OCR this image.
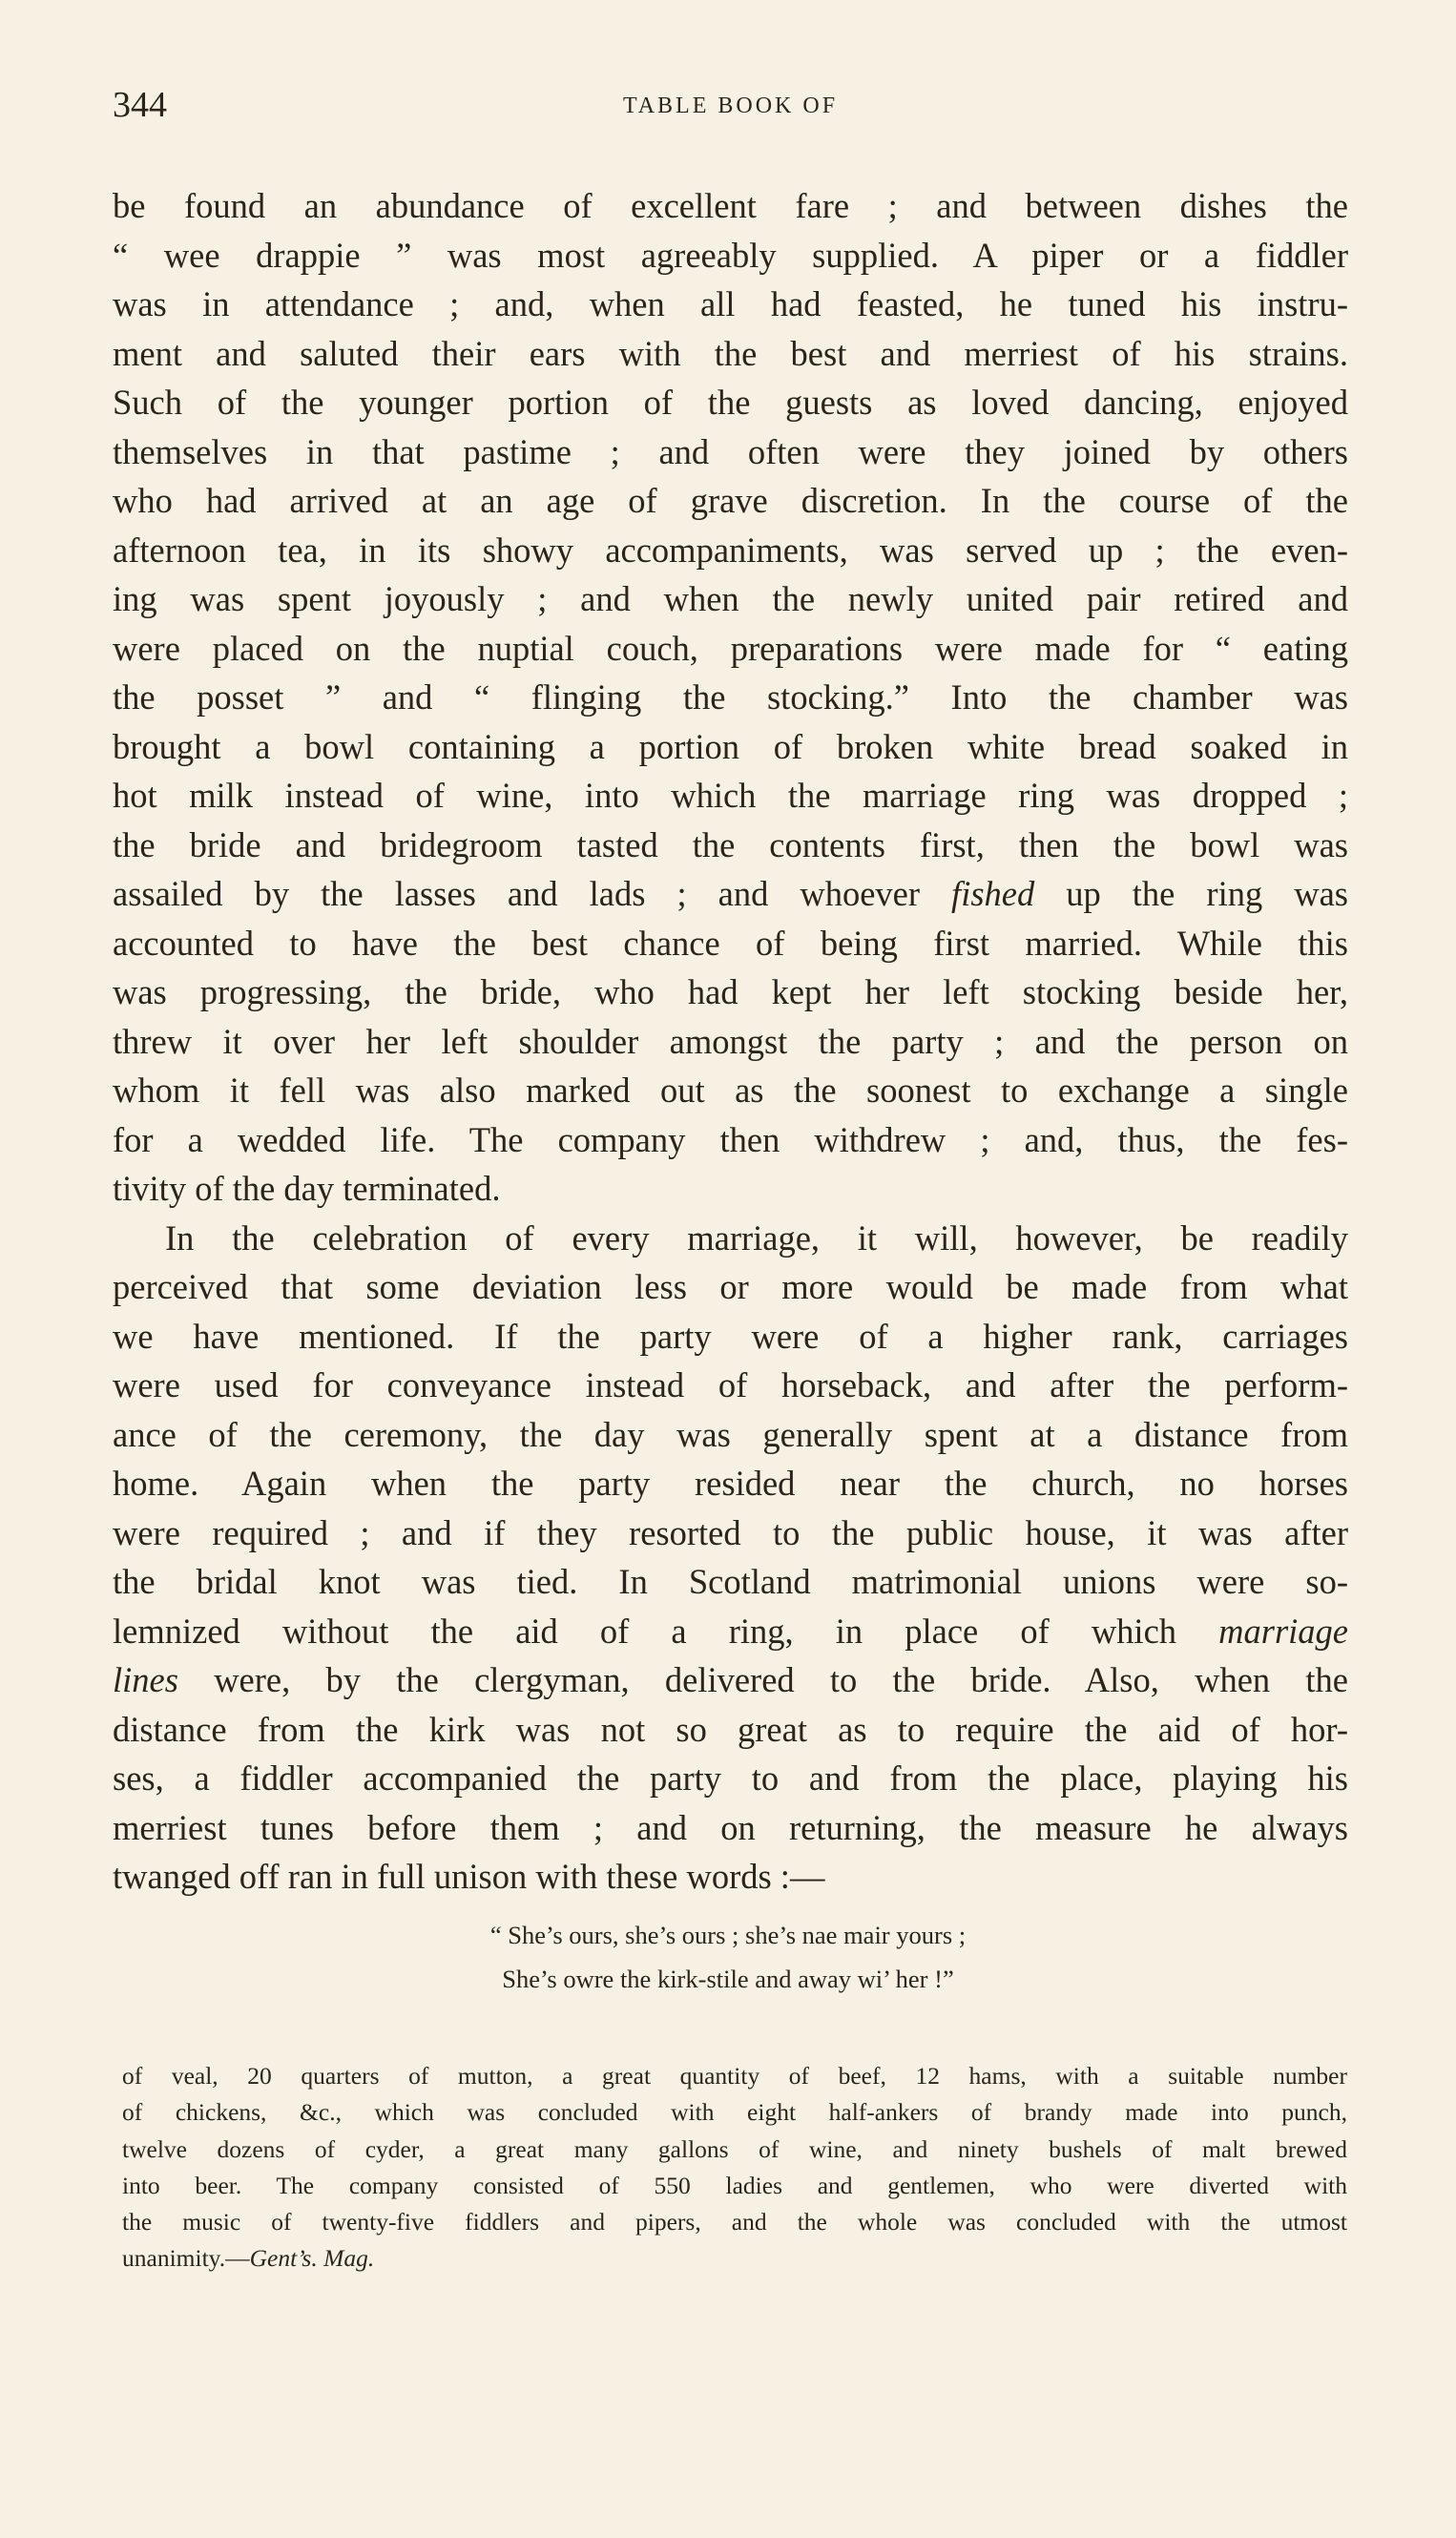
344	TABLE BOOK OF
be found an abundance of excellent fare ; and between dishes the
“ wee drappie ” was most agreeably supplied. A piper or a fiddler
was in attendance ; and, when all had feasted, he tuned his instru-
ment and saluted their ears with the best and merriest of his strains.
Such of the younger portion of the guests as loved dancing, enjoyed
themselves in that pastime ; and often were they joined by others
who had arrived at an age of grave discretion. In the course of the
afternoon tea, in its showy accompaniments, was served up ; the even-
ing was spent joyously ; and when the newly united pair retired and
were placed on the nuptial couch, preparations were made for “ eating
the posset ” and “ flinging the stocking.” Into the chamber was
brought a bowl containing a portion of broken white bread soaked in
hot milk instead of wine, into which the marriage ring was dropped ;
the bride and bridegroom tasted the contents first, then the bowl was
assailed by the lasses and lads ; and whoever fished up the ring was
accounted to have the best chance of being first married. While this
was progressing, the bride, who had kept her left stocking beside her,
threw it over her left shoulder amongst the party ; and the person on
whom it fell was also marked out as the soonest to exchange a single
for a wedded life. The company then withdrew ; and, thus, the fes-
tivity of the day terminated.
In the celebration of every marriage, it will, however, be readily
perceived that some deviation less or more would be made from what
we have mentioned. If the party were of a higher rank, carriages
were used for conveyance instead of horseback, and after the perform-
ance of the ceremony, the day was generally spent at a distance from
home. Again when the party resided near the church, no horses
were required ; and if they resorted to the public house, it was after
the bridal knot was tied. In Scotland matrimonial unions were so-
lemnized without the aid of a ring, in place of which marriage
lines were, by the clergyman, delivered to the bride. Also, when the
distance from the kirk was not so great as to require the aid of hor-
ses, a fiddler accompanied the party to and from the place, playing his
merriest tunes before them ; and on returning, the measure he always
twanged off ran in full unison with these words :—
“ She’s ours, she’s ours ; she’s nae mair yours ;
She’s owre the kirk-stile and away wi’ her !”
of veal, 20 quarters of mutton, a great quantity of beef, 12 hams, with a suitable number
of chickens, &c., which was concluded with eight half-ankers of brandy made into punch,
twelve dozens of cyder, a great many gallons of wine, and ninety bushels of malt brewed
into beer. The company consisted of 550 ladies and gentlemen, who were diverted with
the music of twenty-five fiddlers and pipers, and the whole was concluded with the utmost
unanimity.—Gent’s. Mag.
